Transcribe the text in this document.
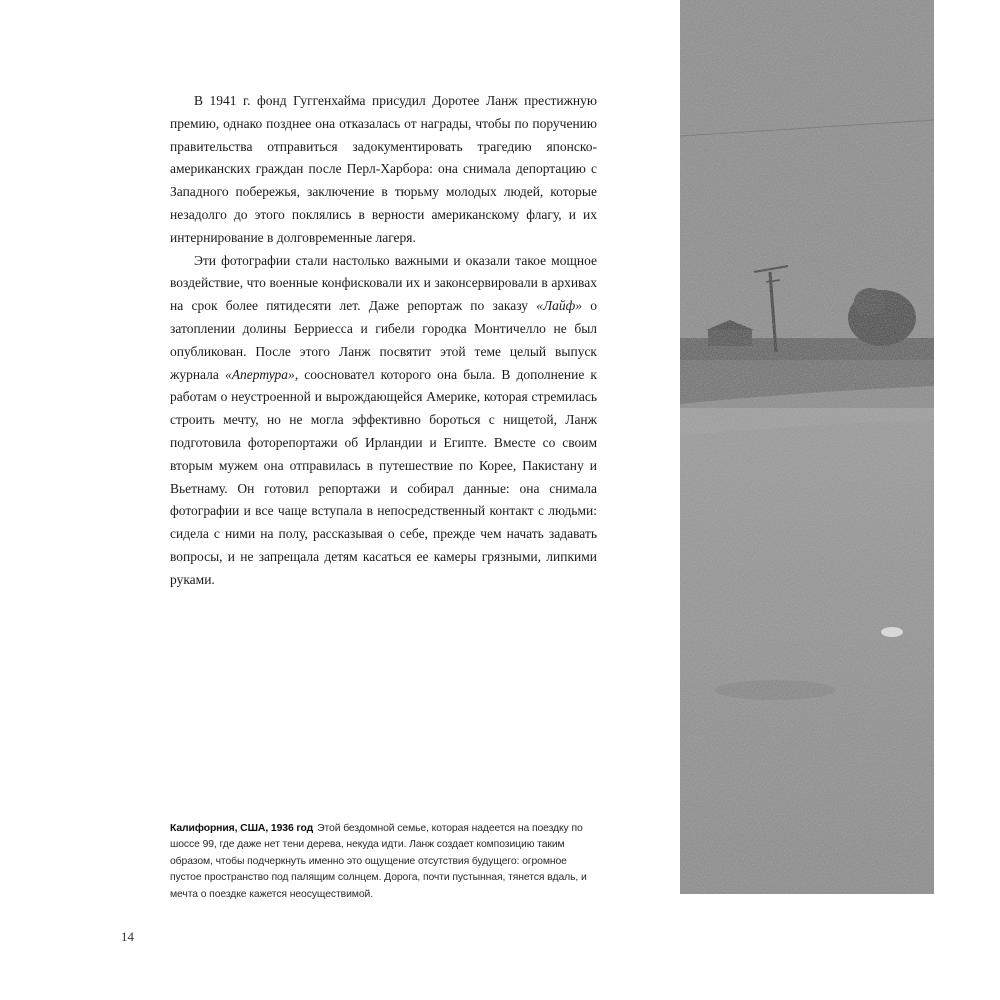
В 1941 г. фонд Гуггенхайма присудил Доротее Ланж престижную премию, однако позднее она отказалась от награды, чтобы по поручению правительства отправиться задокументировать трагедию японско-американских граждан после Перл-Харбора: она снимала депортацию с Западного побережья, заключение в тюрьму молодых людей, которые незадолго до этого поклялись в верности американскому флагу, и их интернирование в долговременные лагеря.

Эти фотографии стали настолько важными и оказали такое мощное воздействие, что военные конфисковали их и законсервировали в архивах на срок более пятидесяти лет. Даже репортаж по заказу «Лайф» о затоплении долины Берриесса и гибели городка Монтичелло не был опубликован. После этого Ланж посвятит этой теме целый выпуск журнала «Апертура», соосновател которого она была. В дополнение к работам о неустроенной и вырождающейся Америке, которая стремилась строить мечту, но не могла эффективно бороться с нищетой, Ланж подготовила фоторепортажи об Ирландии и Египте. Вместе со своим вторым мужем она отправилась в путешествие по Корее, Пакистану и Вьетнаму. Он готовил репортажи и собирал данные: она снимала фотографии и все чаще вступала в непосредственный контакт с людьми: сидела с ними на полу, рассказывая о себе, прежде чем начать задавать вопросы, и не запрещала детям касаться ее камеры грязными, липкими руками.

Калифорния, США, 1936 год Этой бездомной семье, которая надеется на поездку по шоссе 99, где даже нет тени дерева, некуда идти. Ланж создает композицию таким образом, чтобы подчеркнуть именно это ощущение отсутствия будущего: огромное пустое пространство под палящим солнцем. Дорога, почти пустынная, тянется вдаль, и мечта о поездке кажется неосуществимой.
14
